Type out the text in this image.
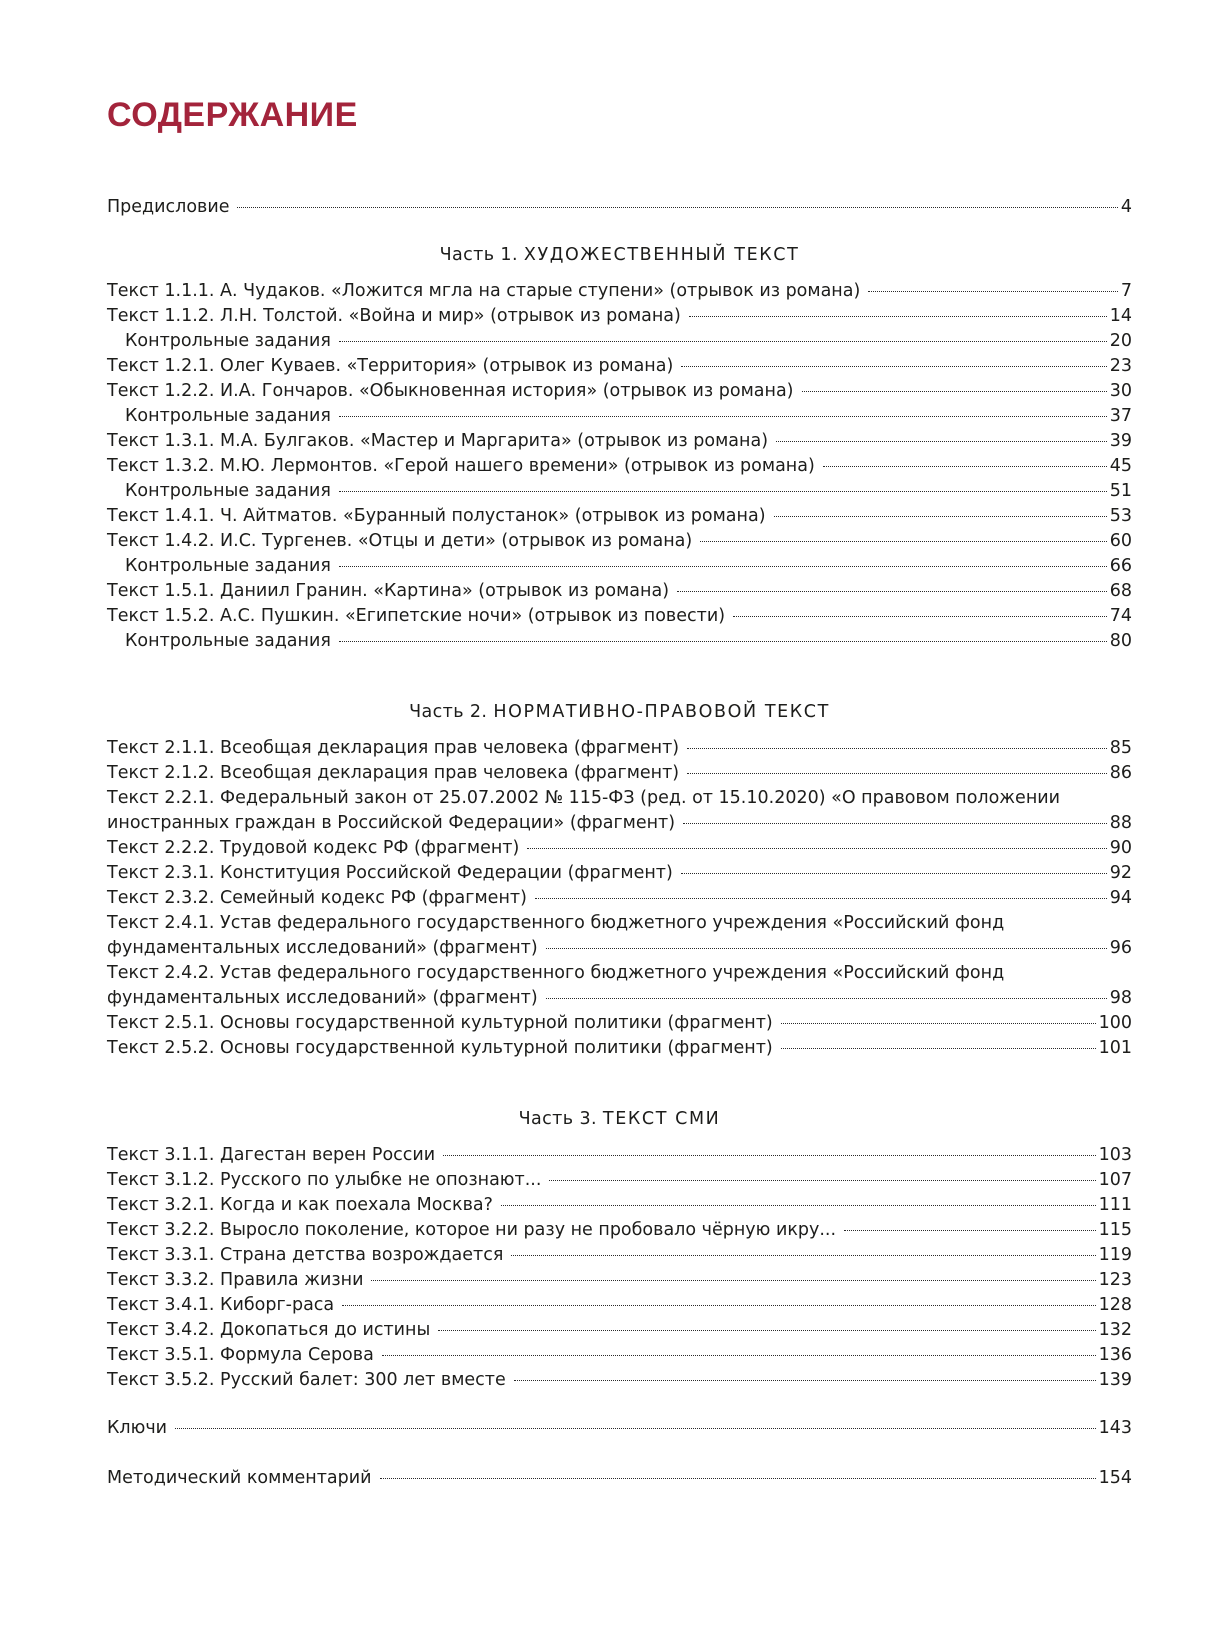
СОДЕРЖАНИЕ
Предисловие	4
Часть 1. ХУДОЖЕСТВЕННЫЙ ТЕКСТ
Текст 1.1.1. А. Чудаков. «Ложится мгла на старые ступени» (отрывок из романа)	7
Текст 1.1.2. Л.Н. Толстой. «Война и мир» (отрывок из романа)	14
Контрольные задания	20
Текст 1.2.1. Олег Куваев. «Территория» (отрывок из романа)	23
Текст 1.2.2. И.А. Гончаров. «Обыкновенная история» (отрывок из романа)	30
Контрольные задания	37
Текст 1.3.1. М.А. Булгаков. «Мастер и Маргарита» (отрывок из романа)	39
Текст 1.3.2. М.Ю. Лермонтов. «Герой нашего времени» (отрывок из романа)	45
Контрольные задания	51
Текст 1.4.1. Ч. Айтматов. «Буранный полустанок» (отрывок из романа)	53
Текст 1.4.2. И.С. Тургенев. «Отцы и дети» (отрывок из романа)	60
Контрольные задания	66
Текст 1.5.1. Даниил Гранин. «Картина» (отрывок из романа)	68
Текст 1.5.2. А.С. Пушкин. «Египетские ночи» (отрывок из повести)	74
Контрольные задания	80
Часть 2. НОРМАТИВНО-ПРАВОВОЙ ТЕКСТ
Текст 2.1.1. Всеобщая декларация прав человека (фрагмент)	85
Текст 2.1.2. Всеобщая декларация прав человека (фрагмент)	86
Текст 2.2.1. Федеральный закон от 25.07.2002 № 115-ФЗ (ред. от 15.10.2020) «О правовом положении
иностранных граждан в Российской Федерации» (фрагмент)	88
Текст 2.2.2. Трудовой кодекс РФ (фрагмент)	90
Текст 2.3.1. Конституция Российской Федерации (фрагмент)	92
Текст 2.3.2. Семейный кодекс РФ (фрагмент)	94
Текст 2.4.1. Устав федерального государственного бюджетного учреждения «Российский фонд
фундаментальных исследований» (фрагмент)	96
Текст 2.4.2. Устав федерального государственного бюджетного учреждения «Российский фонд
фундаментальных исследований» (фрагмент)	98
Текст 2.5.1. Основы государственной культурной политики (фрагмент)	100
Текст 2.5.2. Основы государственной культурной политики (фрагмент)	101
Часть 3. ТЕКСТ СМИ
Текст 3.1.1. Дагестан верен России	103
Текст 3.1.2. Русского по улыбке не опознают...	107
Текст 3.2.1. Когда и как поехала Москва?	111
Текст 3.2.2. Выросло поколение, которое ни разу не пробовало чёрную икру...	115
Текст 3.3.1. Страна детства возрождается	119
Текст 3.3.2. Правила жизни	123
Текст 3.4.1. Киборг-раса	128
Текст 3.4.2. Докопаться до истины	132
Текст 3.5.1. Формула Серова	136
Текст 3.5.2. Русский балет: 300 лет вместе	139
Ключи	143
Методический комментарий	154
